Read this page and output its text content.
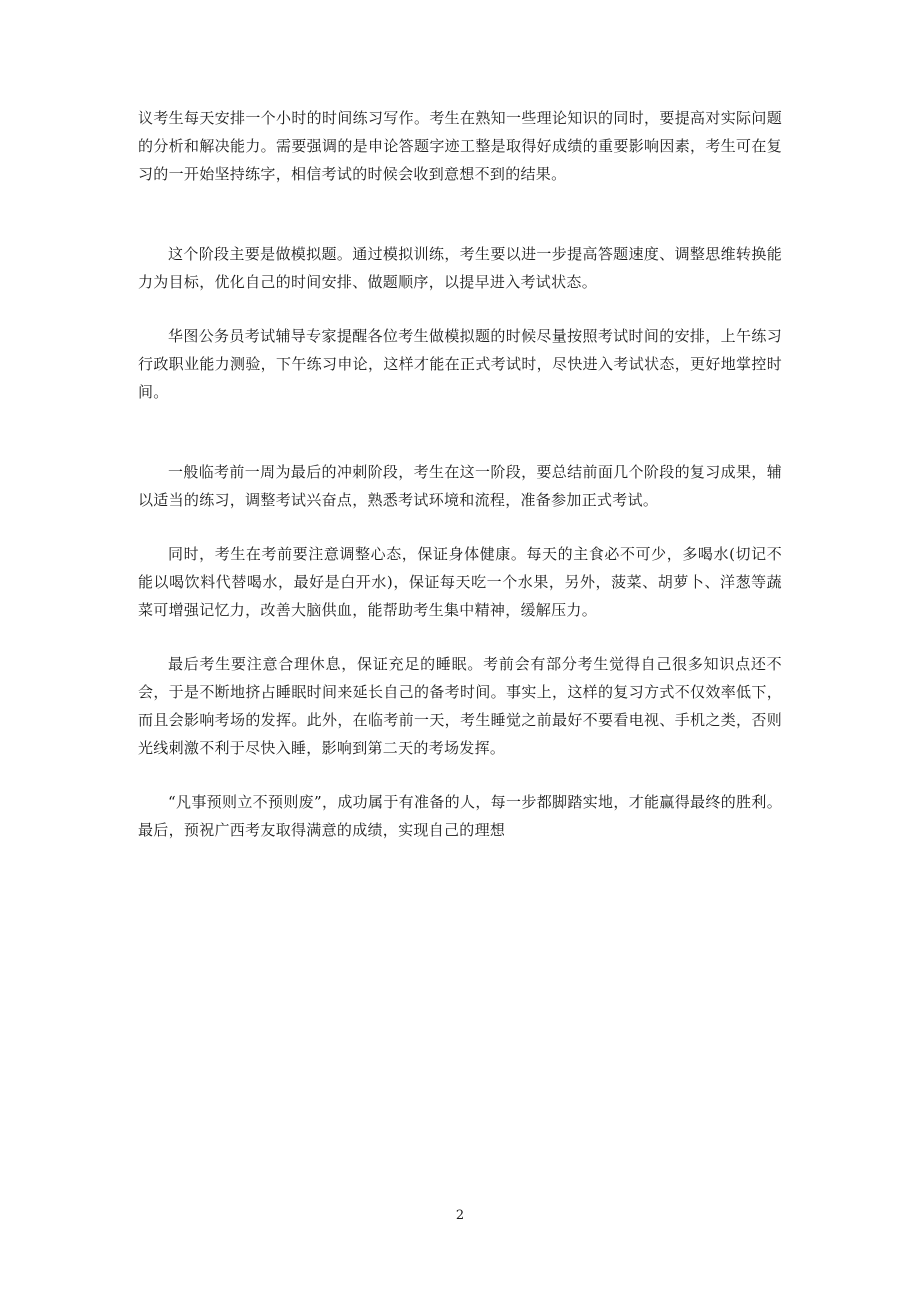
议考生每天安排一个小时的时间练习写作。考生在熟知一些理论知识的同时，要提高对实际问题的分析和解决能力。需要强调的是申论答题字迹工整是取得好成绩的重要影响因素，考生可在复习的一开始坚持练字，相信考试的时候会收到意想不到的结果。

这个阶段主要是做模拟题。通过模拟训练，考生要以进一步提高答题速度、调整思维转换能力为目标，优化自己的时间安排、做题顺序，以提早进入考试状态。

华图公务员考试辅导专家提醒各位考生做模拟题的时候尽量按照考试时间的安排，上午练习行政职业能力测验，下午练习申论，这样才能在正式考试时，尽快进入考试状态，更好地掌控时间。

一般临考前一周为最后的冲刺阶段，考生在这一阶段，要总结前面几个阶段的复习成果，辅以适当的练习，调整考试兴奋点，熟悉考试环境和流程，准备参加正式考试。

同时，考生在考前要注意调整心态，保证身体健康。每天的主食必不可少，多喝水(切记不能以喝饮料代替喝水，最好是白开水)，保证每天吃一个水果，另外，菠菜、胡萝卜、洋葱等蔬菜可增强记忆力，改善大脑供血，能帮助考生集中精神，缓解压力。

最后考生要注意合理休息，保证充足的睡眠。考前会有部分考生觉得自己很多知识点还不会，于是不断地挤占睡眠时间来延长自己的备考时间。事实上，这样的复习方式不仅效率低下，而且会影响考场的发挥。此外，在临考前一天，考生睡觉之前最好不要看电视、手机之类，否则光线刺激不利于尽快入睡，影响到第二天的考场发挥。

“凡事预则立不预则废”，成功属于有准备的人，每一步都脚踏实地，才能赢得最终的胜利。最后，预祝广西考友取得满意的成绩，实现自己的理想

2
